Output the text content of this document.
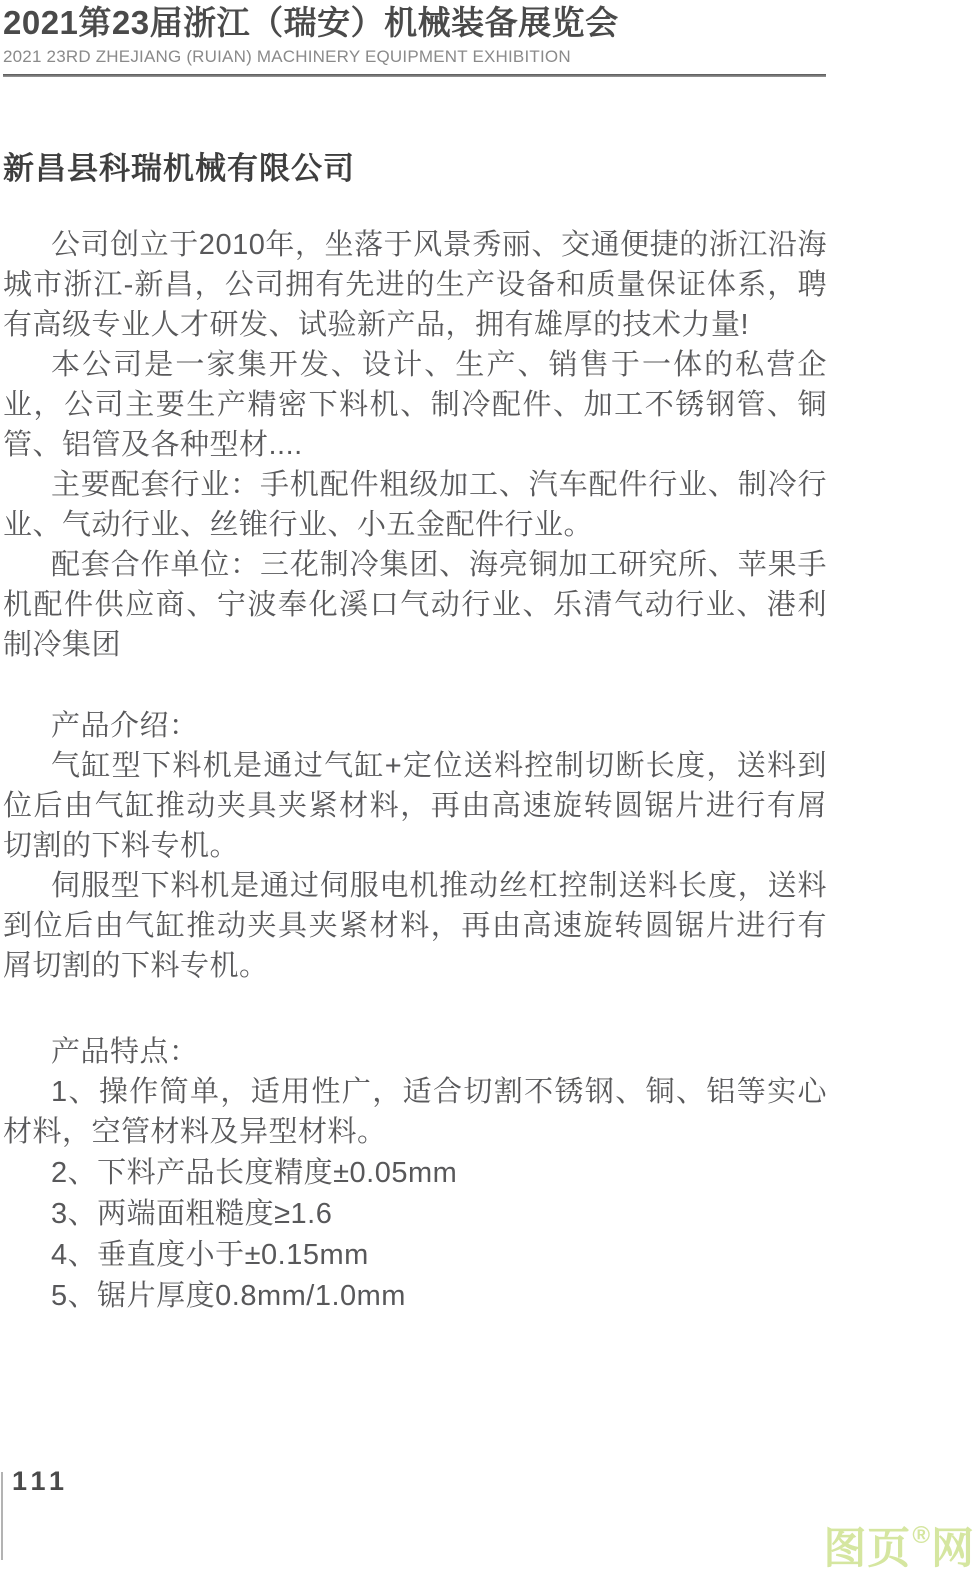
2021第23届浙江（瑞安）机械装备展览会
2021 23RD ZHEJIANG (RUIAN) MACHINERY EQUIPMENT EXHIBITION
新昌县科瑞机械有限公司

公司创立于2010年，坐落于风景秀丽、交通便捷的浙江沿海城市浙江-新昌，公司拥有先进的生产设备和质量保证体系，聘有高级专业人才研发、试验新产品，拥有雄厚的技术力量!

本公司是一家集开发、设计、生产、销售于一体的私营企业，公司主要生产精密下料机、制冷配件、加工不锈钢管、铜管、铝管及各种型材....

主要配套行业：手机配件粗级加工、汽车配件行业、制冷行业、气动行业、丝锥行业、小五金配件行业。

配套合作单位：三花制冷集团、海亮铜加工研究所、苹果手机配件供应商、宁波奉化溪口气动行业、乐清气动行业、港利制冷集团

产品介绍：

气缸型下料机是通过气缸+定位送料控制切断长度，送料到位后由气缸推动夹具夹紧材料，再由高速旋转圆锯片进行有屑切割的下料专机。

伺服型下料机是通过伺服电机推动丝杠控制送料长度，送料到位后由气缸推动夹具夹紧材料，再由高速旋转圆锯片进行有屑切割的下料专机。

产品特点：

1、操作简单，适用性广，适合切割不锈钢、铜、铝等实心材料，空管材料及异型材料。

2、下料产品长度精度±0.05mm

3、两端面粗糙度≥1.6

4、垂直度小于±0.15mm

5、锯片厚度0.8mm/1.0mm

111
图页®网
